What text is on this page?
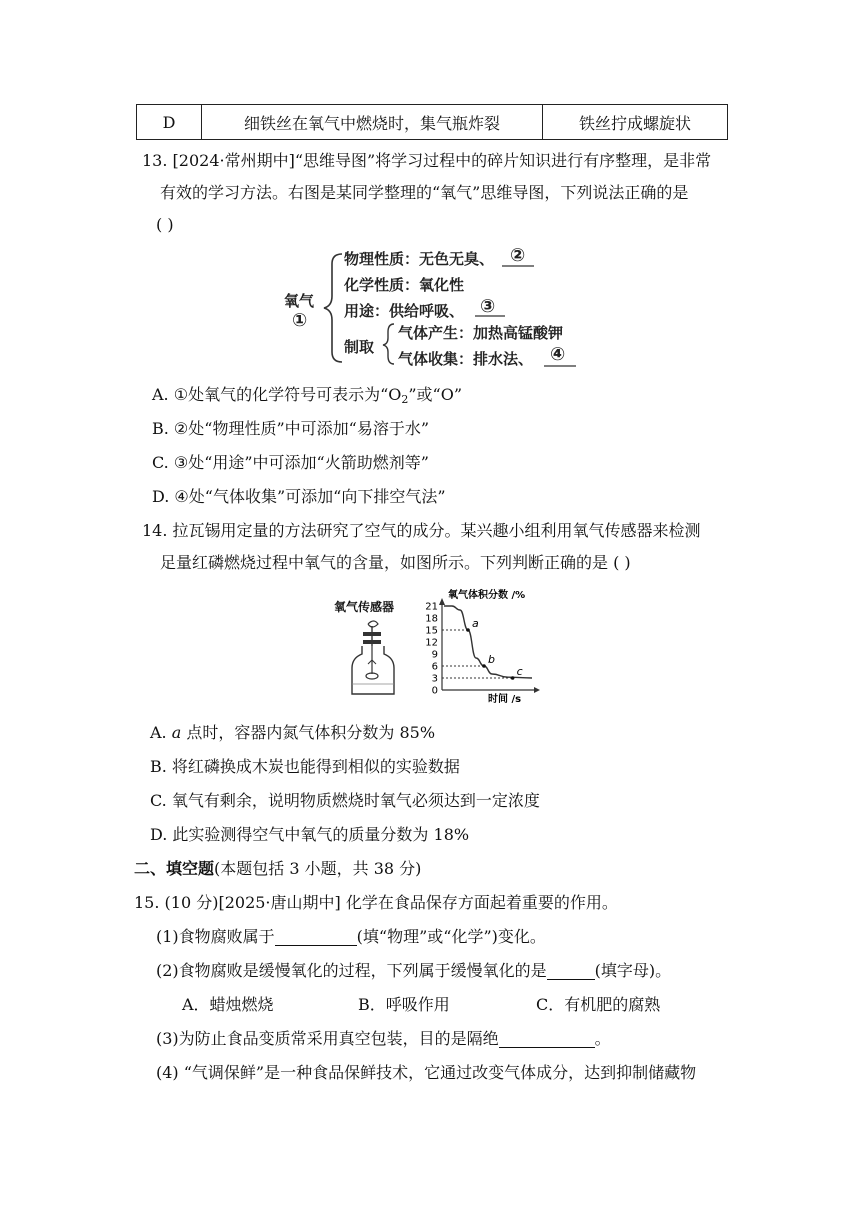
D	细铁丝在氧气中燃烧时，集气瓶炸裂	铁丝拧成螺旋状
13. [2024·常州期中]“思维导图”将学习过程中的碎片知识进行有序整理，是非常
有效的学习方法。右图是某同学整理的“氧气”思维导图，下列说法正确的是
( )
氧气
①
物理性质：无色无臭、 ②
化学性质：氧化性
用途：供给呼吸、 ③
制取
气体产生：加热高锰酸钾
气体收集：排水法、 ④
A. ①处氧气的化学符号可表示为“$O_2$”或“O”
B. ②处“物理性质”中可添加“易溶于水”
C. ③处“用途”中可添加“火箭助燃剂等”
D. ④处“气体收集”可添加“向下排空气法”
14. 拉瓦锡用定量的方法研究了空气的成分。某兴趣小组利用氧气传感器来检测
足量红磷燃烧过程中氧气的含量，如图所示。下列判断正确的是 ( )
氧气传感器
0
3
6
9
12
15
18
21
a
b
c
氧气体积分数 /%
时间 /s
A. a 点时，容器内氮气体积分数为 85%
B. 将红磷换成木炭也能得到相似的实验数据
C. 氧气有剩余，说明物质燃烧时氧气必须达到一定浓度
D. 此实验测得空气中氧气的质量分数为 18%
二、填空题(本题包括 3 小题，共 38 分)
15. (10 分)[2025·唐山期中] 化学在食品保存方面起着重要的作用。
(1)食物腐败属于	(填“物理”或“化学”)变化。
(2)食物腐败是缓慢氧化的过程，下列属于缓慢氧化的是	(填字母)。
A．蜡烛燃烧	B．呼吸作用	C．有机肥的腐熟
(3)为防止食品变质常采用真空包装，目的是隔绝	。
(4) “气调保鲜”是一种食品保鲜技术，它通过改变气体成分，达到抑制储藏物
